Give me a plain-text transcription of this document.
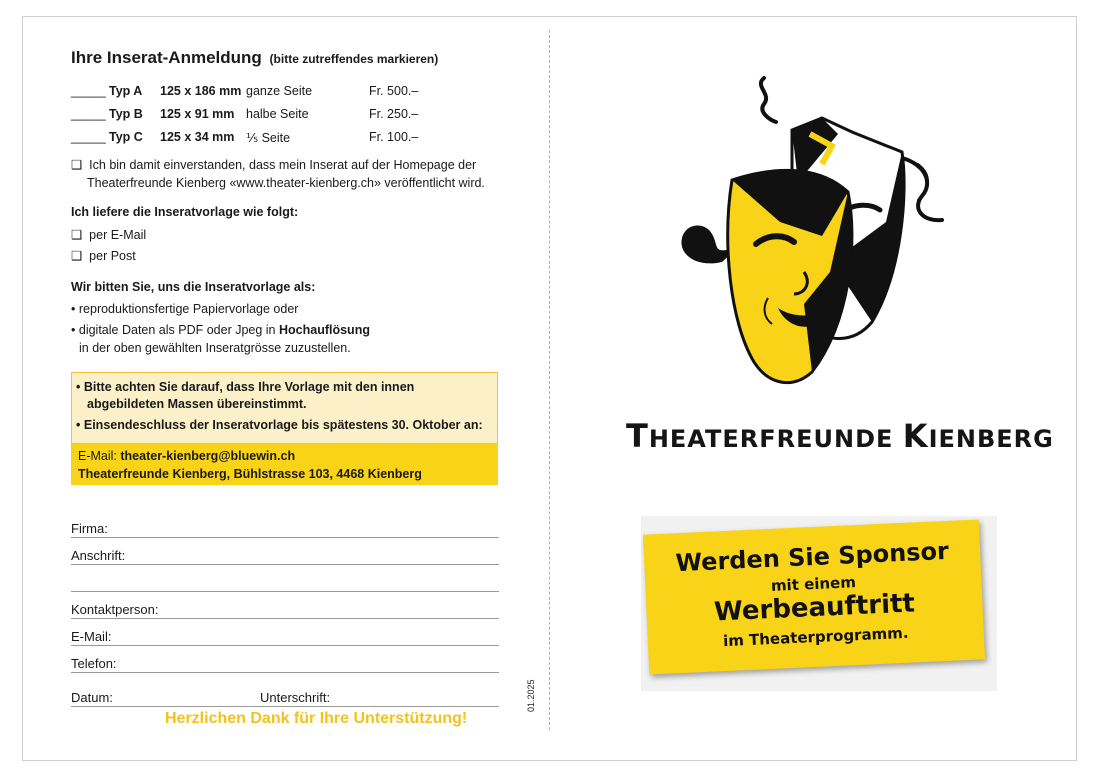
Ihre Inserat-Anmeldung (bitte zutreffendes markieren)
_____ Typ A 125 x 186 mm ganze Seite	Fr. 500.–
_____ Typ B 125 x 91 mm halbe Seite	Fr. 250.–
_____ Typ C 125 x 34 mm ⅕ Seite	Fr. 100.–
❑ Ich bin damit einverstanden, dass mein Inserat auf der Homepage der
Theaterfreunde Kienberg «www.theater-kienberg.ch» veröffentlicht wird.
Ich liefere die Inseratvorlage wie folgt:
❑ per E-Mail
❑ per Post
Wir bitten Sie, uns die Inseratvorlage als:
• reproduktionsfertige Papiervorlage oder
• digitale Daten als PDF oder Jpeg in Hochauflösung
in der oben gewählten Inseratgrösse zuzustellen.
• Bitte achten Sie darauf, dass Ihre Vorlage mit den innen
abgebildeten Massen übereinstimmt.
• Einsendeschluss der Inseratvorlage bis spätestens 30. Oktober an:
E-Mail: theater-kienberg@bluewin.ch
Theaterfreunde Kienberg, Bühlstrasse 103, 4468 Kienberg
Firma:
Anschrift:
Kontaktperson:
E-Mail:
Telefon:
Datum:	Unterschrift:
Herzlichen Dank für Ihre Unterstützung!
01.2025
THEATERFREUNDE KIENBERG
Werden Sie Sponsor
mit einem
Werbeauftritt
im Theaterprogramm.
